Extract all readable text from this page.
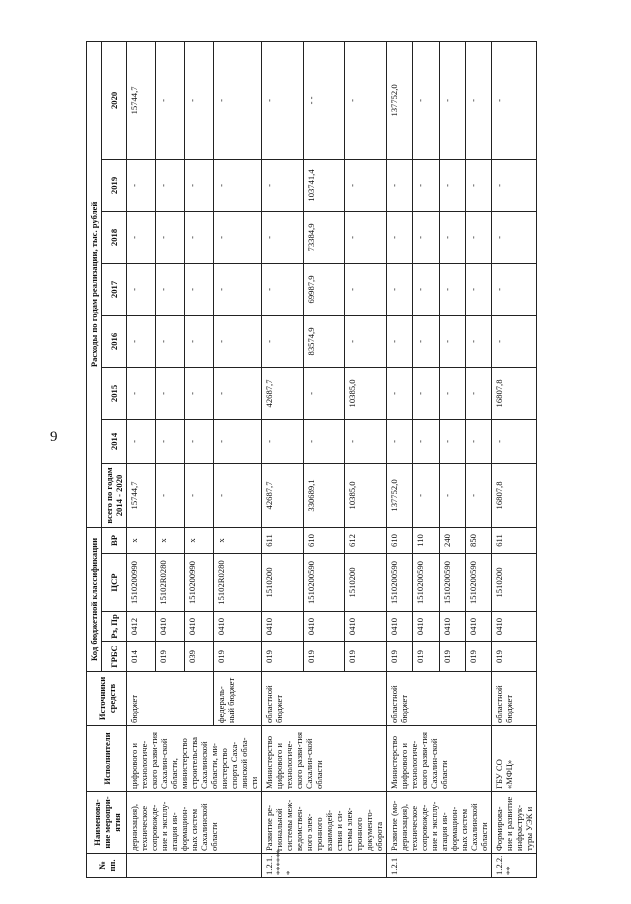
9
№ пп.	Наименова-ние меропри-ятия	Исполнители	Источники средств	Код бюджетной классификации				Расходы по годам реализации, тыс. рублей							
				ГРБС	Рз, Пр	ЦСР	ВР	всего по годам 2014 - 2020	2014	2015	2016	2017	2018	2019	2020
	дернизация), техническое сопровожде-ние и эксплу-атация ин-формацион-ных систем Сахалинской области	цифрового и технологиче-ского разви-тия Сахалин-ской области, министерство строительства Сахалинской области, ми-нистерство спорта Саха-линской обла-сти	бюджет	014	0412	1510200990	х	15744,7	-	-	-	-	-	-	15744,7
				019	0410	15102R0280	х	-	-	-	-	-	-	-	-
				039	0410	1510200990	х	-	-	-	-	-	-	-	-
			федераль-ный бюджет	019	0410	15102R0280	х	-	-	-	-	-	-	-	-
1.2.1. ****** *	Развитие ре-гиональной системы меж-ведомствен-ного элек-тронного взаимодей-ствия и си-стемы элек-тронного документо-оборота	Министерство цифрового и технологиче-ского разви-тия Сахалин-ской области	областной бюджет	019	0410	1510200	611	42687,7	-	42687,7	-	-	-	-	-
				019	0410	1510200590	610	330689,1	-	-	83574,9	69987,9	73384,9	103741,4	- -
				019	0410	1510200	612	10385,0	-	10385,0	-	-	-	-	-
1.2.1	Развитие (мо-дернизация), техническое сопровожде-ние и эксплу-атация ин-формацион-ных систем Сахалинской области	Министерство цифрового и технологиче-ского разви-тия Сахалин-ской области	областной бюджет	019	0410	1510200590	610	137752,0	-	-	-	-	-	-	137752,0
				019	0410	1510200590	110	-	-	-	-	-	-	-	-
				019	0410	1510200590	240	-	-	-	-	-	-	-	-
				019	0410	1510200590	850	-	-	-	-	-	-	-	-
1.2.2. **	Формирова-ние и развитие инфраструк-туры УЭК и	ГБУ СО «МФЦ»	областной бюджет	019	0410	1510200	611	16807,8	-	16807,8	-	-	-	-	-
